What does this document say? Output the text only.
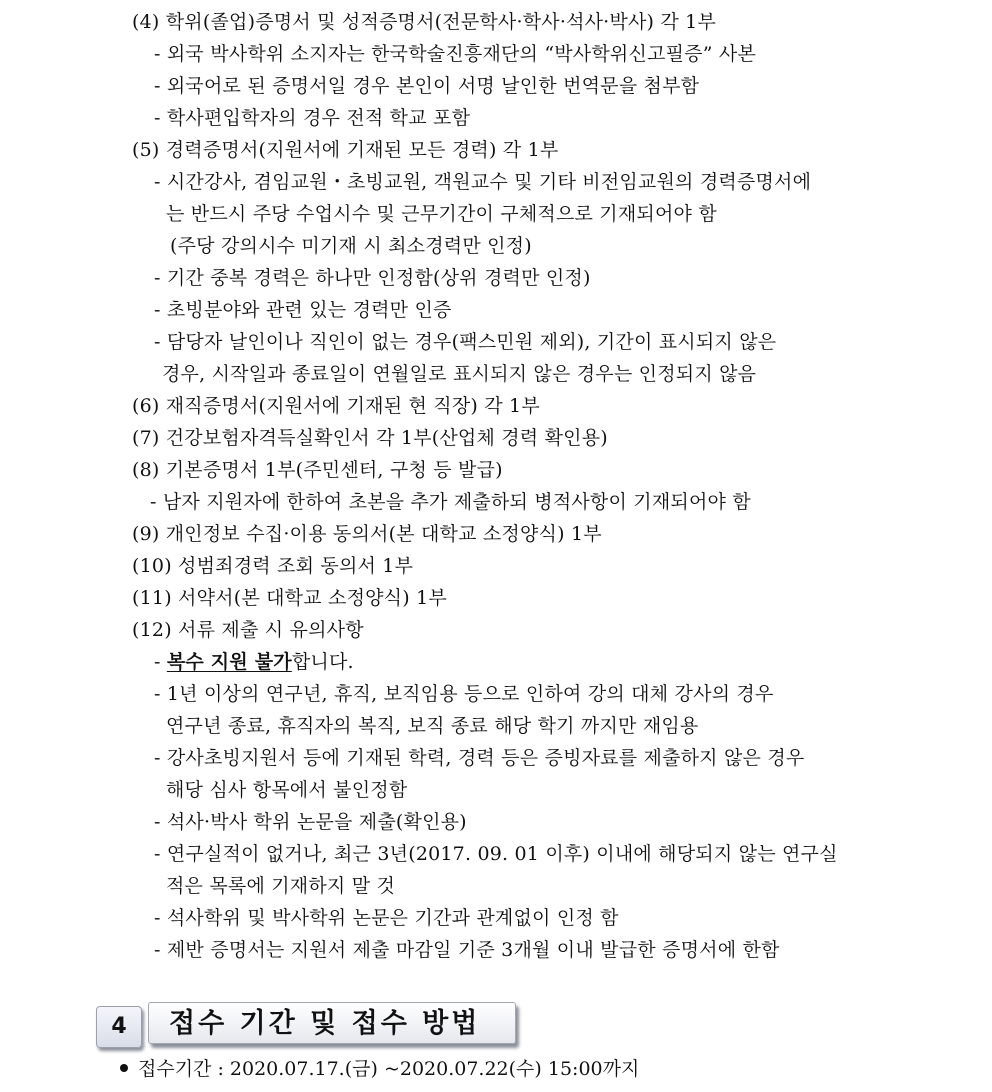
(4) 학위(졸업)증명서 및 성적증명서(전문학사·학사·석사·박사) 각 1부
- 외국 박사학위 소지자는 한국학술진흥재단의 “박사학위신고필증” 사본
- 외국어로 된 증명서일 경우 본인이 서명 날인한 번역문을 첨부함
- 학사편입학자의 경우 전적 학교 포함
(5) 경력증명서(지원서에 기재된 모든 경력) 각 1부
- 시간강사, 겸임교원・초빙교원, 객원교수 및 기타 비전임교원의 경력증명서에
는 반드시 주당 수업시수 및 근무기간이 구체적으로 기재되어야 함
(주당 강의시수 미기재 시 최소경력만 인정)
- 기간 중복 경력은 하나만 인정함(상위 경력만 인정)
- 초빙분야와 관련 있는 경력만 인증
- 담당자 날인이나 직인이 없는 경우(팩스민원 제외), 기간이 표시되지 않은
경우, 시작일과 종료일이 연월일로 표시되지 않은 경우는 인정되지 않음
(6) 재직증명서(지원서에 기재된 현 직장) 각 1부
(7) 건강보험자격득실확인서 각 1부(산업체 경력 확인용)
(8) 기본증명서 1부(주민센터, 구청 등 발급)
- 남자 지원자에 한하여 초본을 추가 제출하되 병적사항이 기재되어야 함
(9) 개인정보 수집·이용 동의서(본 대학교 소정양식) 1부
(10) 성범죄경력 조회 동의서 1부
(11) 서약서(본 대학교 소정양식) 1부
(12) 서류 제출 시 유의사항
- 복수 지원 불가합니다.
- 1년 이상의 연구년, 휴직, 보직임용 등으로 인하여 강의 대체 강사의 경우
연구년 종료, 휴직자의 복직, 보직 종료 해당 학기 까지만 재임용
- 강사초빙지원서 등에 기재된 학력, 경력 등은 증빙자료를 제출하지 않은 경우
해당 심사 항목에서 불인정함
- 석사·박사 학위 논문을 제출(확인용)
- 연구실적이 없거나, 최근 3년(2017. 09. 01 이후) 이내에 해당되지 않는 연구실
적은 목록에 기재하지 말 것
- 석사학위 및 박사학위 논문은 기간과 관계없이 인정 함
- 제반 증명서는 지원서 제출 마감일 기준 3개월 이내 발급한 증명서에 한함
4	접수 기간 및 접수 방법
접수기간 : 2020.07.17.(금) ~2020.07.22(수) 15:00까지
